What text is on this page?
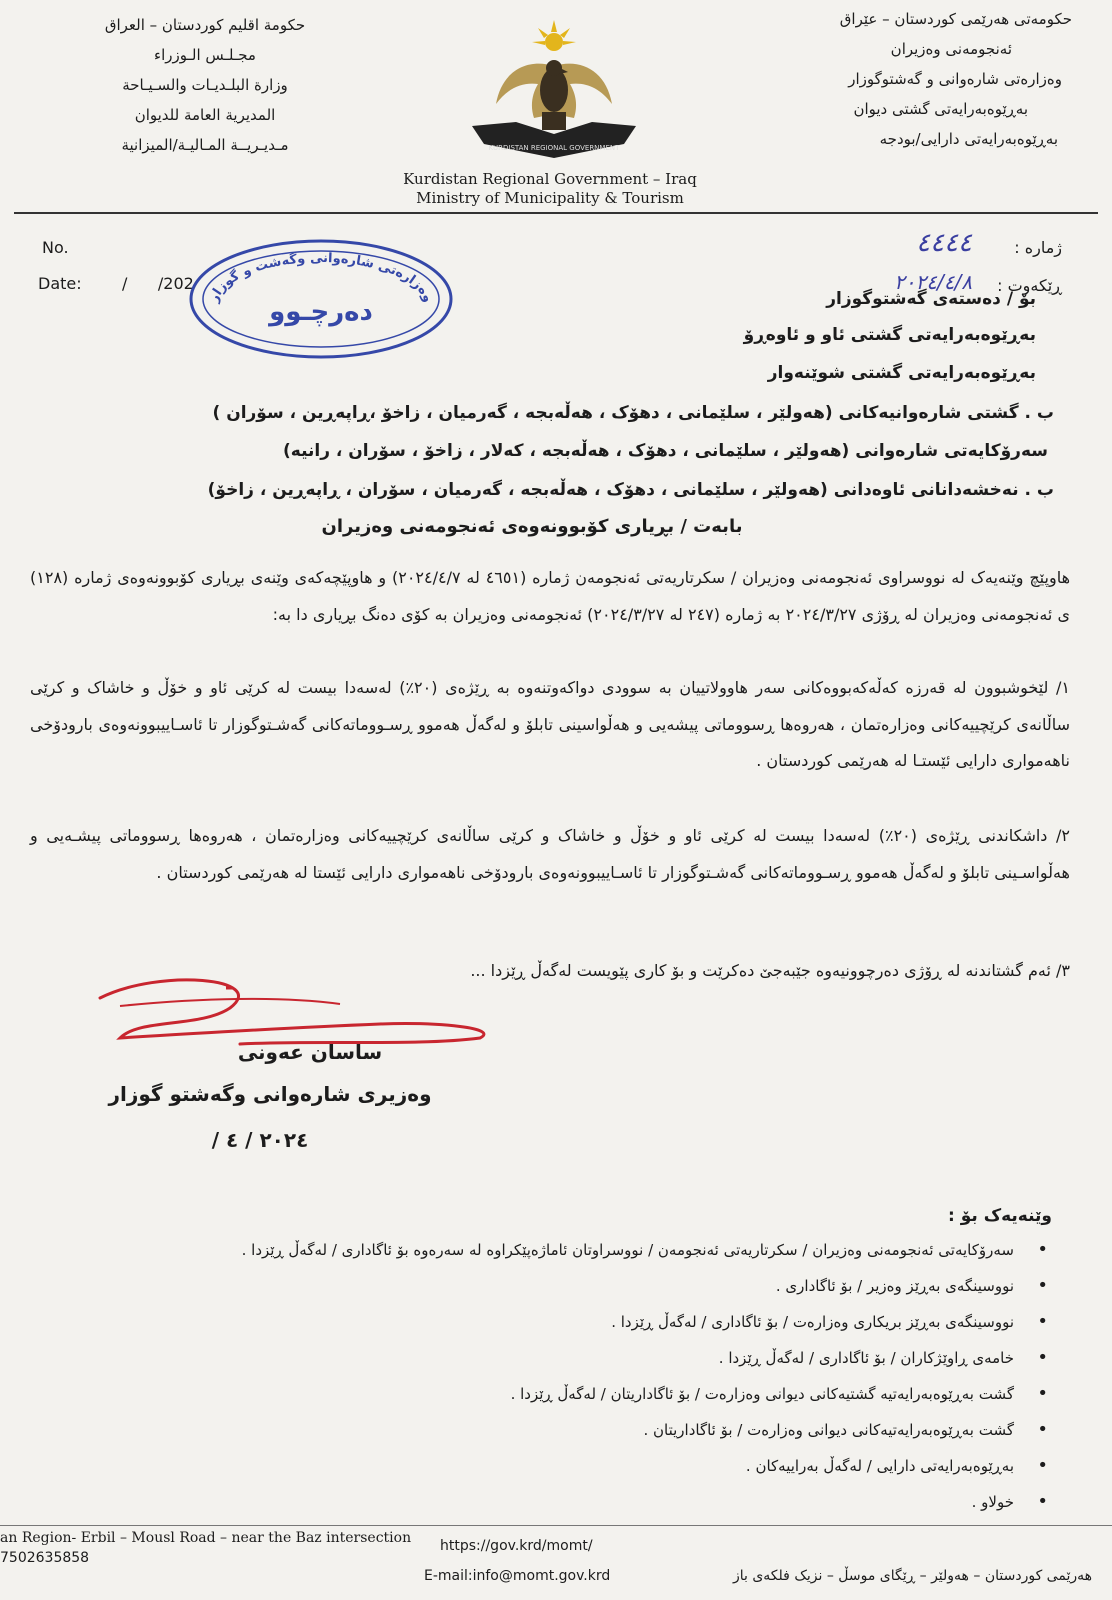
حکومەتی هەرێمی کوردستان – عێراق
ئەنجومەنی وەزیران
وەزارەتی شارەوانی و گەشتوگوزار
بەڕێوەبەرایەتی گشتی دیوان
بەڕێوەبەرایەتی دارایی/بودجە
حكومة اقليم كوردستان – العراق
مجـلـس الـوزراء
وزارة البلـديـات والسـيـاحة
المديرية العامة للديوان
مـديـريــة المـاليـة/الميزانية	KURDISTAN REGIONAL GOVERNMENT
Kurdistan Regional Government – Iraq
Ministry of Municipality & Tourism
No.
Date:	/      /202
ژمارە :
٤٤٤٤
ڕێکەوت :
٢٠٢٤/٤/٨
وەزارەتی شارەوانی وگەشت و گوزار
دەرچـوو	بۆ / دەستەی گەشتوگوزار
بەڕێوەبەرایەتی گشتی ئاو و ئاوەڕۆ
بەڕێوەبەرایەتی گشتی شوێنەوار
ب . گشتی شارەوانیەکانی (هەولێر ، سلێمانی ، دهۆک ، هەڵەبجە ، گەرمیان ، زاخۆ ،ڕاپەڕین ، سۆران )
سەرۆکایەتی شارەوانی (هەولێر ، سلێمانی ، دهۆک ، هەڵەبجە ، کەلار ، زاخۆ ، سۆران ، رانیە)
ب . نەخشەدانانی ئاوەدانی (هەولێر ، سلێمانی ، دهۆک ، هەڵەبجە ، گەرمیان ، سۆران ، ڕاپەڕین ، زاخۆ)
بابەت / بڕیاری کۆبوونەوەی ئەنجومەنی وەزیران
هاوپێچ وێنەیەک لە نووسراوی ئەنجومەنی وەزیران / سکرتاریەتی ئەنجومەن ژمارە (٤٦٥١ لە ٢٠٢٤/٤/٧) و هاوپێچەکەی وێنەی بڕیاری کۆبوونەوەی ژمارە (١٢٨) ی ئەنجومەنی وەزیران لە ڕۆژی ٢٠٢٤/٣/٢٧ بە ژمارە (٢٤٧ لە ٢٠٢٤/٣/٢٧) ئەنجومەنی وەزیران بە کۆی دەنگ بڕیاری دا بە:
١/ لێخوشبوون لە قەرزە کەڵەکەبووەکانی سەر هاوولاتییان بە سوودی دواکەوتنەوە بە ڕێژەی (٢٠٪) لەسەدا بیست لە کرێی ئاو و خۆڵ و خاشاک و کرێی ساڵانەی کرێچییەکانی وەزارەتمان ، هەروەها ڕسووماتی پیشەیی و هەڵواسینی تابلۆ و لەگەڵ هەموو ڕسـووماتەکانی گەشـتوگوزار تا ئاسـاییبوونەوەی بارودۆخی ناهەمواری دارایی ئێستـا لە هەرێمی کوردستان .
٢/ داشکاندنی ڕێژەی (٢٠٪) لەسەدا بیست لە کرێی ئاو و خۆڵ و خاشاک و کرێی ساڵانەی کرێچییەکانی وەزارەتمان ، هەروەها ڕسووماتی پیشـەیی و هەڵواسـینی تابلۆ و لەگەڵ هەموو ڕسـووماتەکانی گەشـتوگوزار تا ئاسـاییبوونەوەی بارودۆخی ناهەمواری دارایی ئێستا لە هەرێمی کوردستان .
٣/ ئەم گشتاندنە لە ڕۆژی دەرچوونیەوە جێبەجێ دەکرێت و بۆ کاری پێویست لەگەڵ ڕێزدا ...
ساسان عەونی
وەزیری شارەوانی وگەشتو گوزار
٢٠٢٤ / ٤ /
وێنەیەک بۆ :
• سەرۆکایەتی ئەنجومەنی وەزیران / سکرتاریەتی ئەنجومەن / نووسراوتان ئاماژەپێکراوە لە سەرەوە بۆ ئاگاداری / لەگەڵ ڕێزدا .
• نووسینگەی بەڕێز وەزیر / بۆ ئاگاداری .
• نووسینگەی بەڕێز بریکاری وەزارەت / بۆ ئاگاداری / لەگەڵ ڕێزدا .
• خامەی ڕاوێژکاران / بۆ ئاگاداری / لەگەڵ ڕێزدا .
• گشت بەڕێوەبەرایەتیە گشتیەکانی دیوانی وەزارەت / بۆ ئاگاداریتان / لەگەڵ ڕێزدا .
• گشت بەڕێوەبەرایەتیەکانی دیوانی وەزارەت / بۆ ئاگاداریتان .
• بەڕێوەبەرایەتی دارایی / لەگەڵ بەراییەکان .
• خولاو .
an Region- Erbil – Mousl Road – near the Baz intersection
7502635858
https://gov.krd/momt/
E-mail:info@momt.gov.krd	هەرێمی کوردستان – هەولێر – ڕێگای موسڵ – نزیک فلكەی باز
